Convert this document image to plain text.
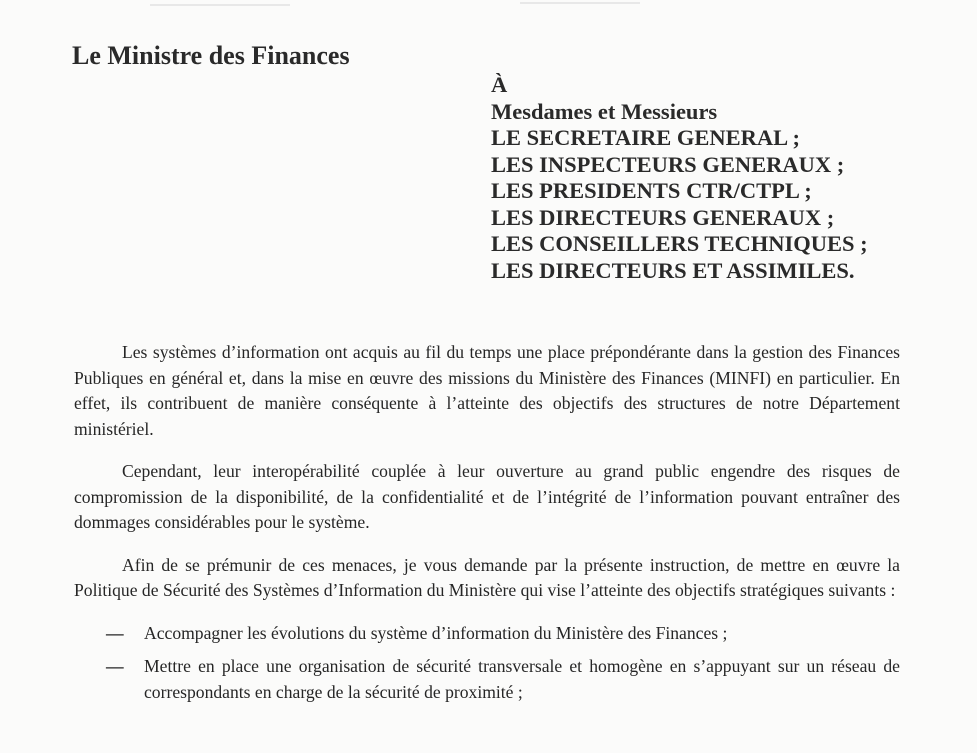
Le Ministre des Finances
À
Mesdames et Messieurs
LE SECRETAIRE GENERAL ;
LES INSPECTEURS GENERAUX ;
LES PRESIDENTS CTR/CTPL ;
LES DIRECTEURS GENERAUX ;
LES CONSEILLERS TECHNIQUES ;
LES DIRECTEURS ET ASSIMILES.

Les systèmes d’information ont acquis au fil du temps une place prépondérante dans la gestion des Finances Publiques en général et, dans la mise en œuvre des missions du Ministère des Finances (MINFI) en particulier. En effet, ils contribuent de manière conséquente à l’atteinte des objectifs des structures de notre Département ministériel.

Cependant, leur interopérabilité couplée à leur ouverture au grand public engendre des risques de compromission de la disponibilité, de la confidentialité et de l’intégrité de l’information pouvant entraîner des dommages considérables pour le système.

Afin de se prémunir de ces menaces, je vous demande par la présente instruction, de mettre en œuvre la Politique de Sécurité des Systèmes d’Information du Ministère qui vise l’atteinte des objectifs stratégiques suivants :

— Accompagner les évolutions du système d’information du Ministère des Finances ;
— Mettre en place une organisation de sécurité transversale et homogène en s’appuyant sur un réseau de correspondants en charge de la sécurité de proximité ;
